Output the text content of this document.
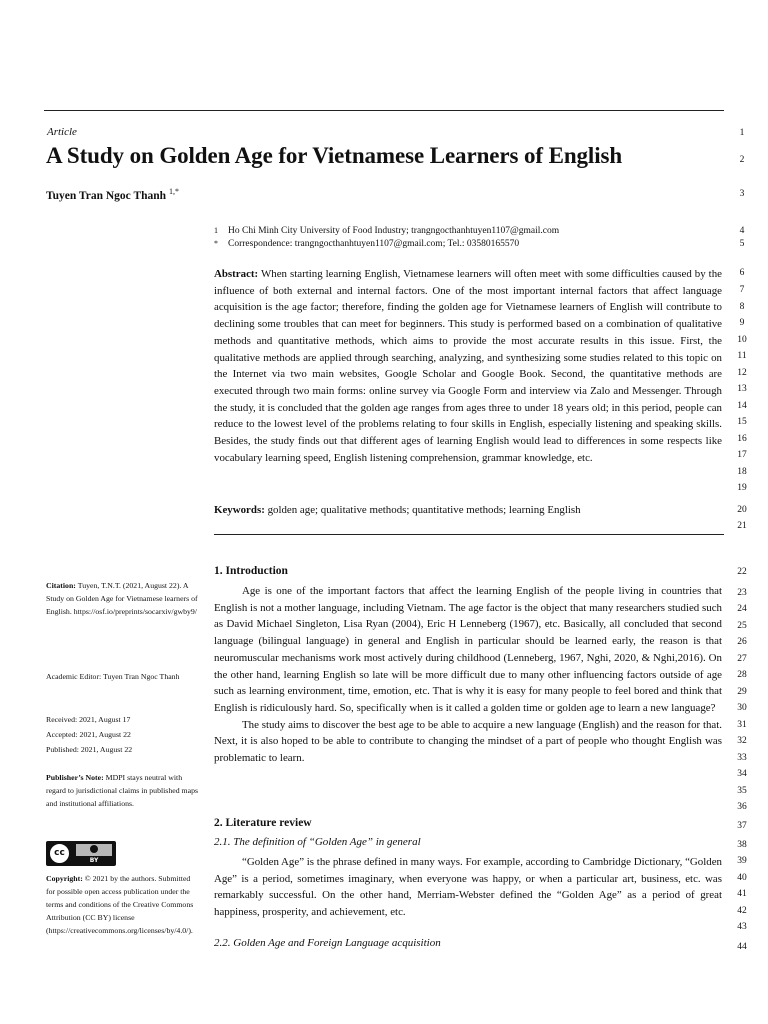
Article
A Study on Golden Age for Vietnamese Learners of English
Tuyen Tran Ngoc Thanh $^{1,*}$
1 Ho Chi Minh City University of Food Industry; trangngocthanhtuyen1107@gmail.com
* Correspondence: trangngocthanhtuyen1107@gmail.com; Tel.: 03580165570

Abstract: When starting learning English, Vietnamese learners will often meet with some difficulties caused by the influence of both external and internal factors. One of the most important internal factors that affect language acquisition is the age factor; therefore, finding the golden age for Vietnamese learners of English will contribute to declining some troubles that can meet for beginners. This study is performed based on a combination of qualitative methods and quantitative methods, which aims to provide the most accurate results in this issue. First, the qualitative methods are applied through searching, analyzing, and synthesizing some studies related to this topic on the Internet via two main websites, Google Scholar and Google Book. Second, the quantitative methods are executed through two main forms: online survey via Google Form and interview via Zalo and Messenger. Through the study, it is concluded that the golden age ranges from ages three to under 18 years old; in this period, people can reduce to the lowest level of the problems relating to four skills in English, especially listening and speaking skills. Besides, the study finds out that different ages of learning English would lead to differences in some respects like vocabulary learning speed, English listening comprehension, grammar knowledge, etc.

Keywords: golden age; qualitative methods; quantitative methods; learning English

1. Introduction

Age is one of the important factors that affect the learning English of the people living in countries that English is not a mother language, including Vietnam. The age factor is the object that many researchers studied such as David Michael Singleton, Lisa Ryan (2004), Eric H Lenneberg (1967), etc. Basically, all concluded that second language (bilingual language) in general and English in particular should be learned early, the reason is that neuromuscular mechanisms work most actively during childhood (Lenneberg, 1967, Nghi, 2020, & Nghi,2016). On the other hand, learning English so late will be more difficult due to many other influencing factors outside of age such as learning environment, time, emotion, etc. That is why it is easy for many people to feel bored and think that English is ridiculously hard. So, specifically when is it called a golden time or golden age to learn a new language?

The study aims to discover the best age to be able to acquire a new language (English) and the reason for that. Next, it is also hoped to be able to contribute to changing the mindset of a part of people who thought English was problematic to learn.

2. Literature review
2.1. The definition of “Golden Age” in general

“Golden Age” is the phrase defined in many ways. For example, according to Cambridge Dictionary, “Golden Age” is a period, sometimes imaginary, when everyone was happy, or when a particular art, business, etc. was remarkably successful. On the other hand, Merriam-Webster defined the “Golden Age” as a period of great happiness, prosperity, and achievement, etc.

2.2. Golden Age and Foreign Language acquisition
Citation: Tuyen, T.N.T. (2021, August 22). A Study on Golden Age for Vietnamese learners of English. https://osf.io/preprints/socarxiv/gwby9/
Academic Editor: Tuyen Tran Ngoc Thanh
Received: 2021, August 17
Accepted: 2021, August 22
Published: 2021, August 22
Publisher’s Note: MDPI stays neutral with regard to jurisdictional claims in published maps and institutional affiliations.
cc
BY
Copyright: © 2021 by the authors. Submitted for possible open access publication under the terms and conditions of the Creative Commons Attribution (CC BY) license (https://creativecommons.org/licenses/by/4.0/).
1
2
3
4
5
6
7
8
9
10
11
12
13
14
15
16
17
18
19
20
21
22
23
24
25
26
27
28
29
30
31
32
33
34
35
36
37
38
39
40
41
42
43
44
